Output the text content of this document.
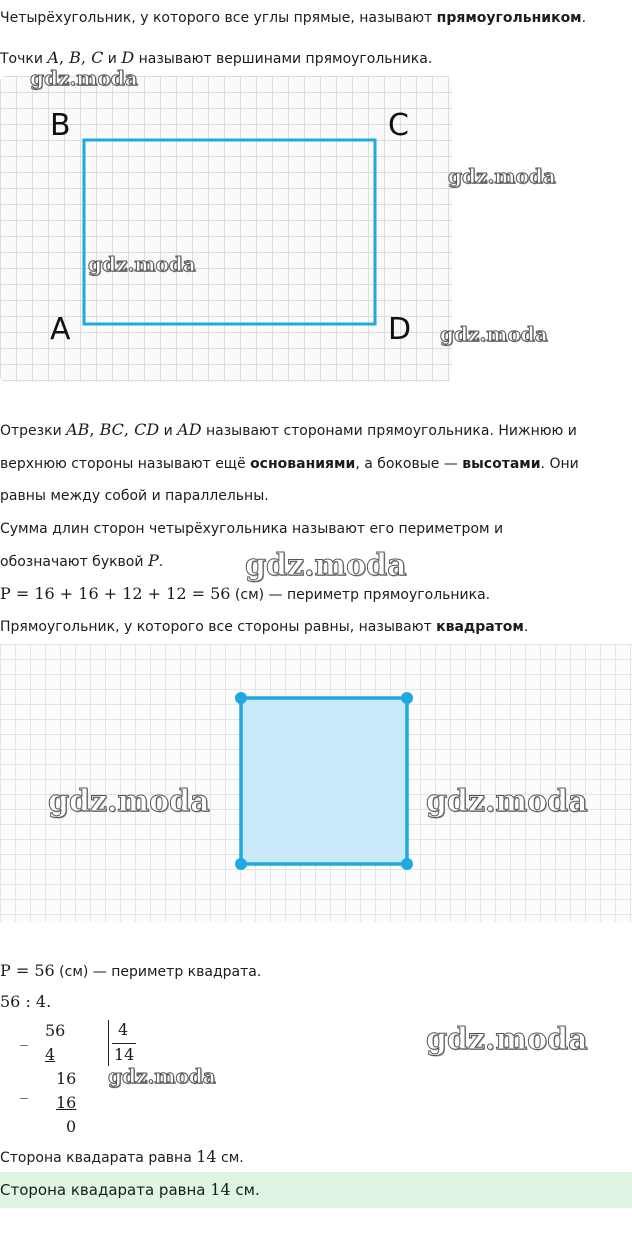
Четырёхугольник, у которого все углы прямые, называют прямоугольником.
Точки A, B, C и D называют вершинами прямоугольника.
B	C
A	D
Отрезки AB, BC, CD и AD называют сторонами прямоугольника. Нижнюю и
верхнюю стороны называют ещё основаниями, а боковые — высотами. Они
равны между собой и параллельны.
Сумма длин сторон четырёхугольника называют его периметром и
обозначают буквой P.
P = 16 + 16 + 12 + 12 = 56 (см) — периметр прямоугольника.
Прямоугольник, у которого все стороны равны, называют квадратом.
P = 56 (см) — периметр квадрата.
56 : 4.
_ 56
4
_
16
16
0
4
14
Сторона квадарата равна 14 см.
Сторона квадарата равна 14 см.
gdz.moda
gdz.moda
gdz.moda
gdz.moda
gdz.moda
gdz.moda	gdz.moda
gdz.moda
gdz.moda
